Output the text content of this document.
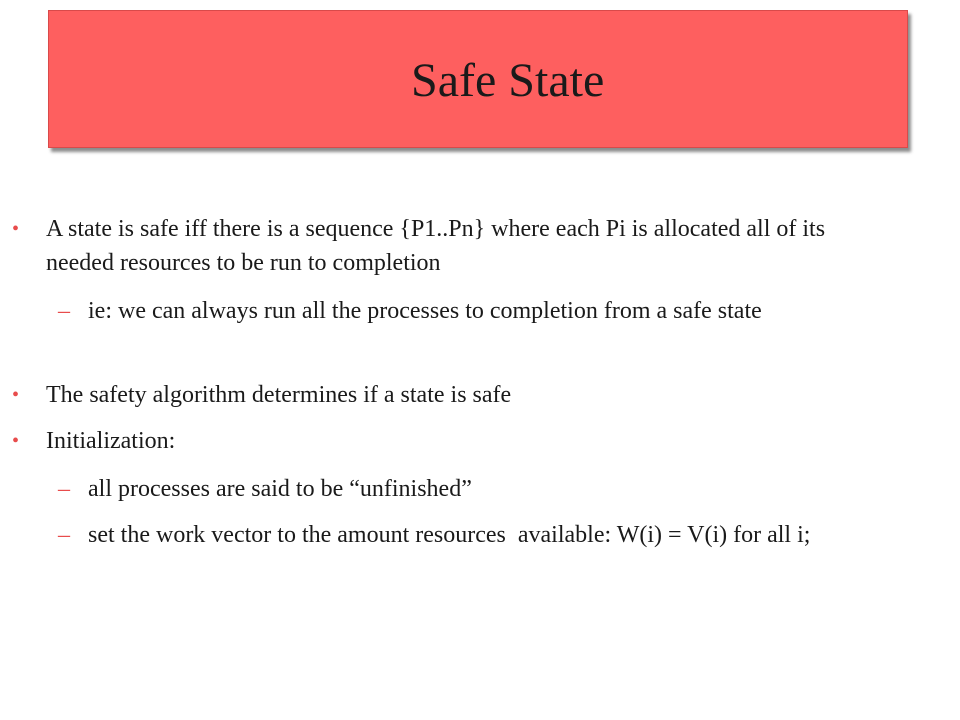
Safe State
• A state is safe iff there is a sequence {P1..Pn} where each Pi is allocated all of its needed resources to be run to completion
– ie: we can always run all the processes to completion from a safe state
• The safety algorithm determines if a state is safe
• Initialization:
– all processes are said to be “unfinished”
– set the work vector to the amount resources  available: W(i) = V(i) for all i;
